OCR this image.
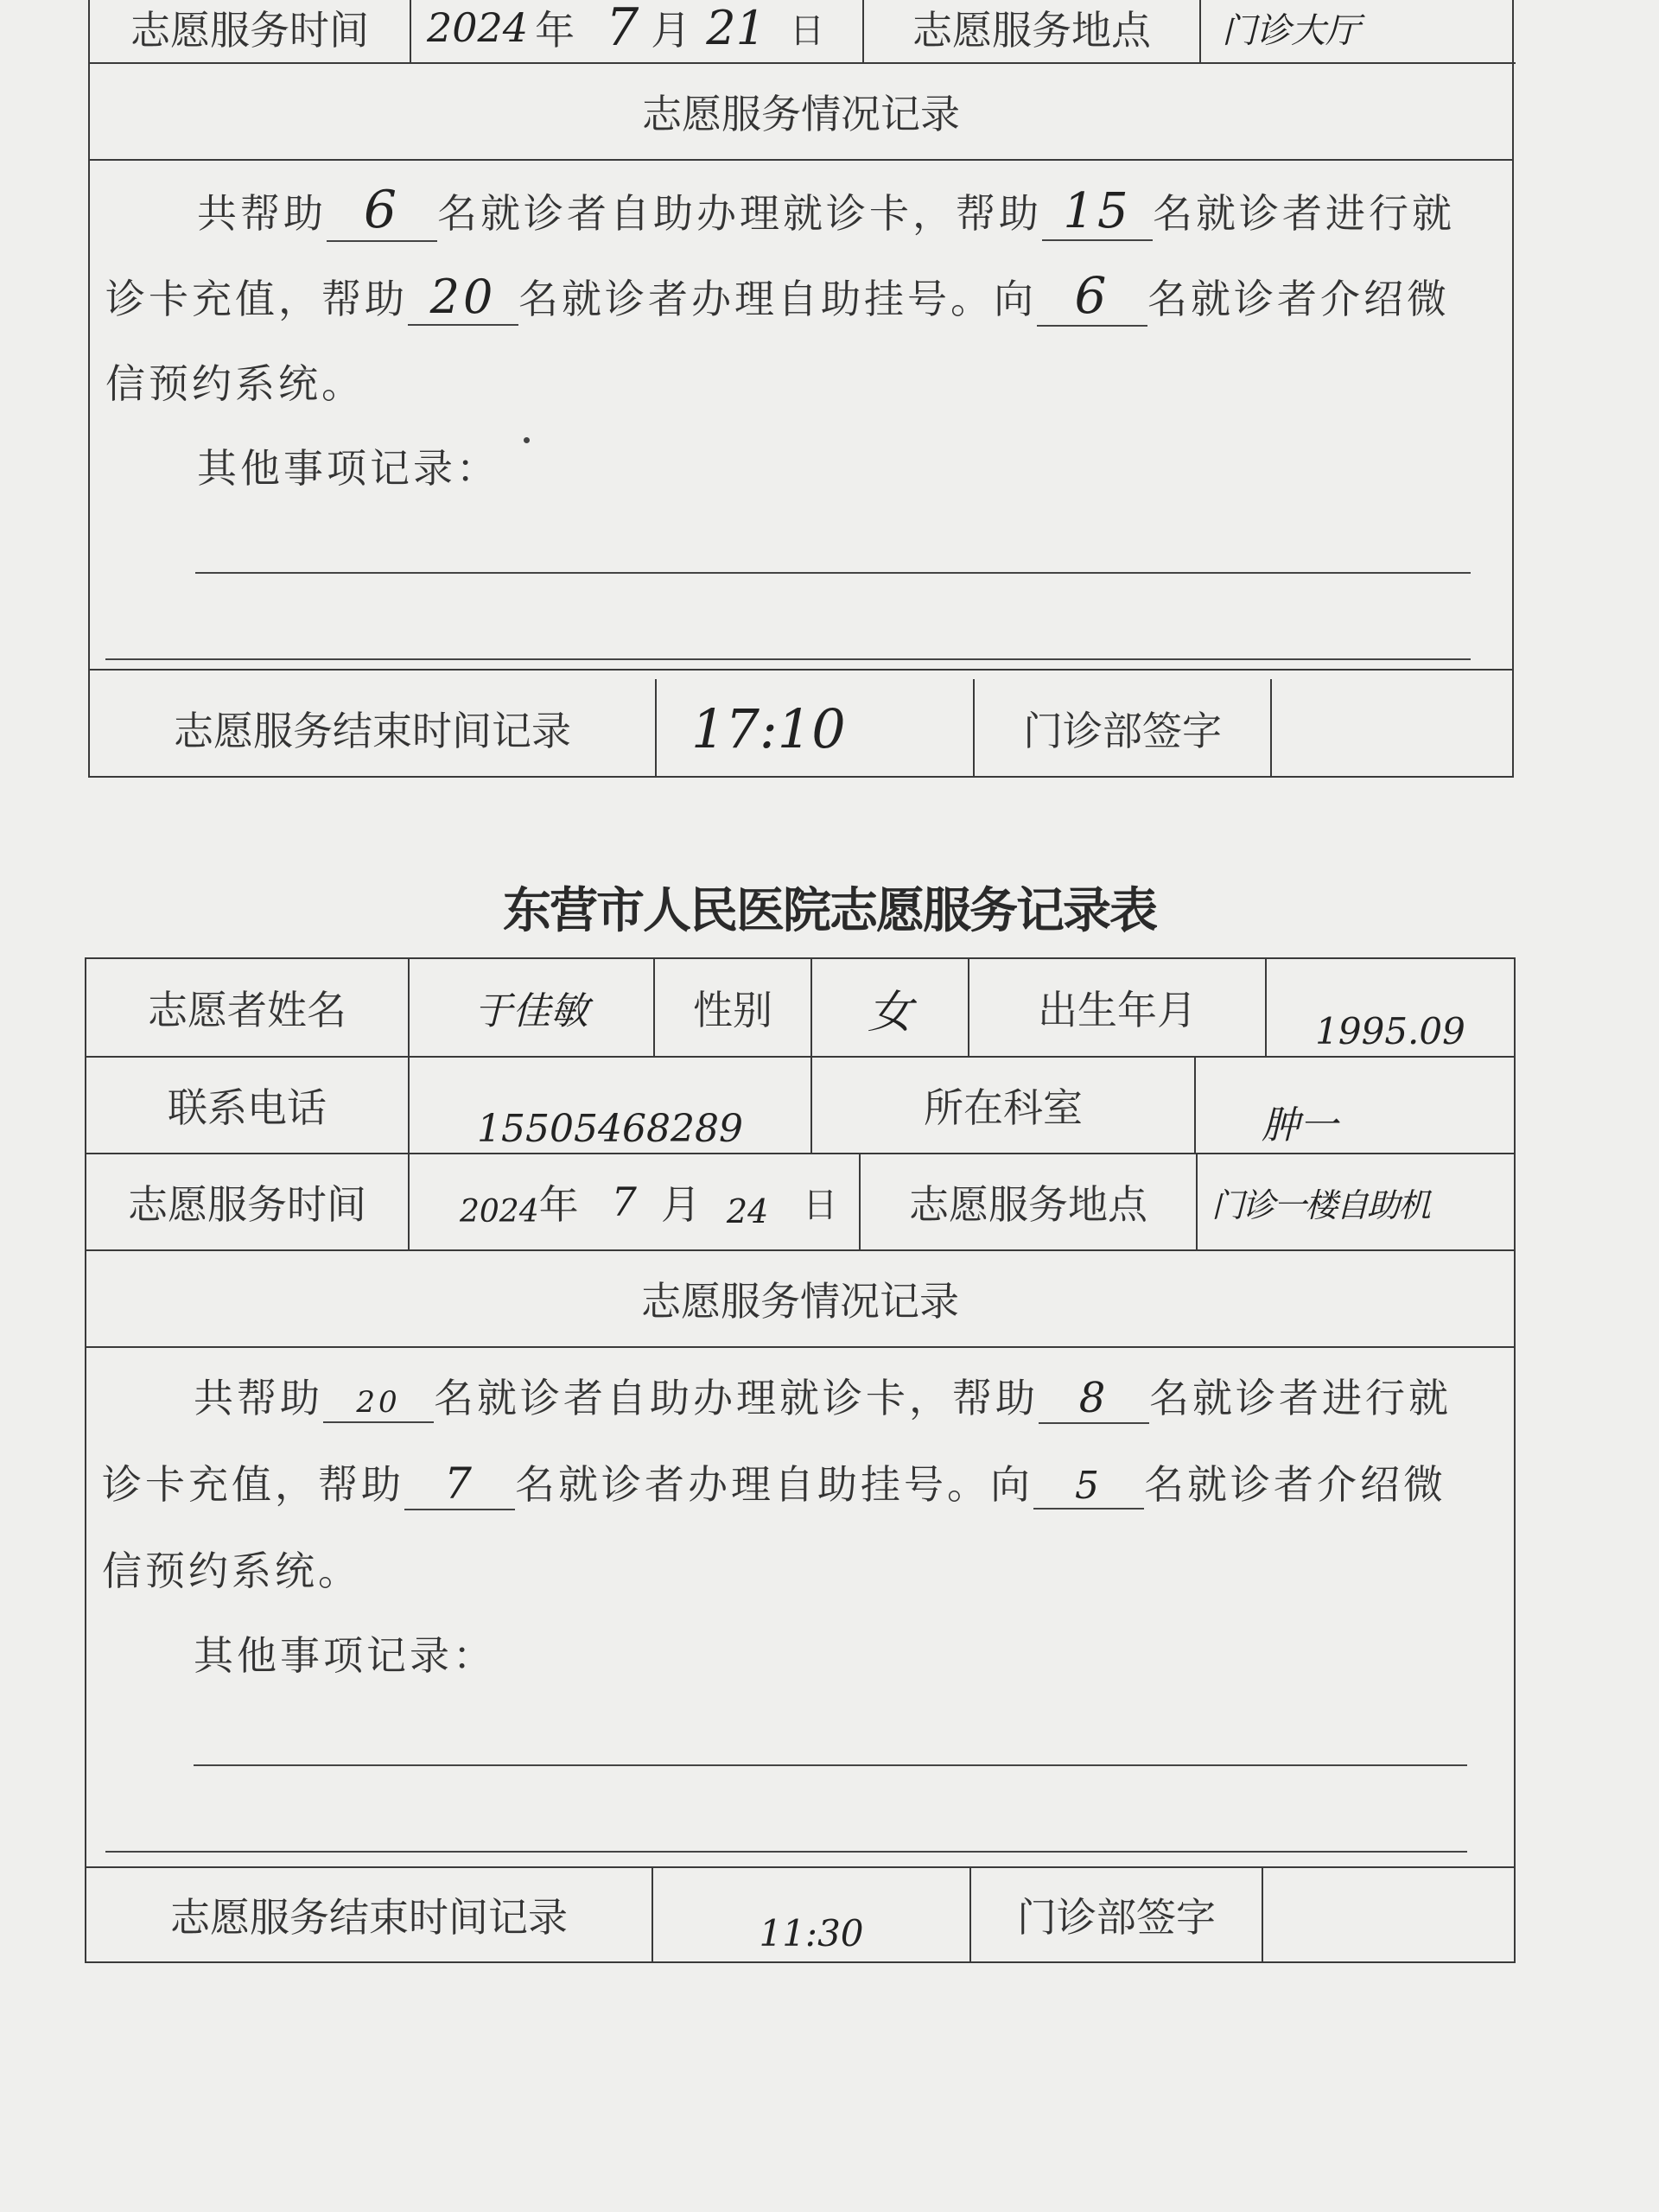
志愿服务时间 2024 年 7 月 21 日 志愿服务地点 门诊大厅
志愿服务情况记录
共帮助 6 名就诊者自助办理就诊卡，帮助 15 名就诊者进行就
诊卡充值，帮助 20 名就诊者办理自助挂号。向 6 名就诊者介绍微
信预约系统。
其他事项记录：
志愿服务结束时间记录 17:10	门诊部签字
东营市人民医院志愿服务记录表
志愿者姓名	于佳敏	性别 女	出生年月	1995.09
联系电话	15505468289	所在科室	肿一
志愿服务时间	2024 年 7 月 24 日 志愿服务地点 门诊一楼自助机
志愿服务情况记录
共帮助 20 名就诊者自助办理就诊卡，帮助 8 名就诊者进行就
诊卡充值，帮助 7 名就诊者办理自助挂号。向 5 名就诊者介绍微
信预约系统。
其他事项记录：
志愿服务结束时间记录	11:30	门诊部签字
